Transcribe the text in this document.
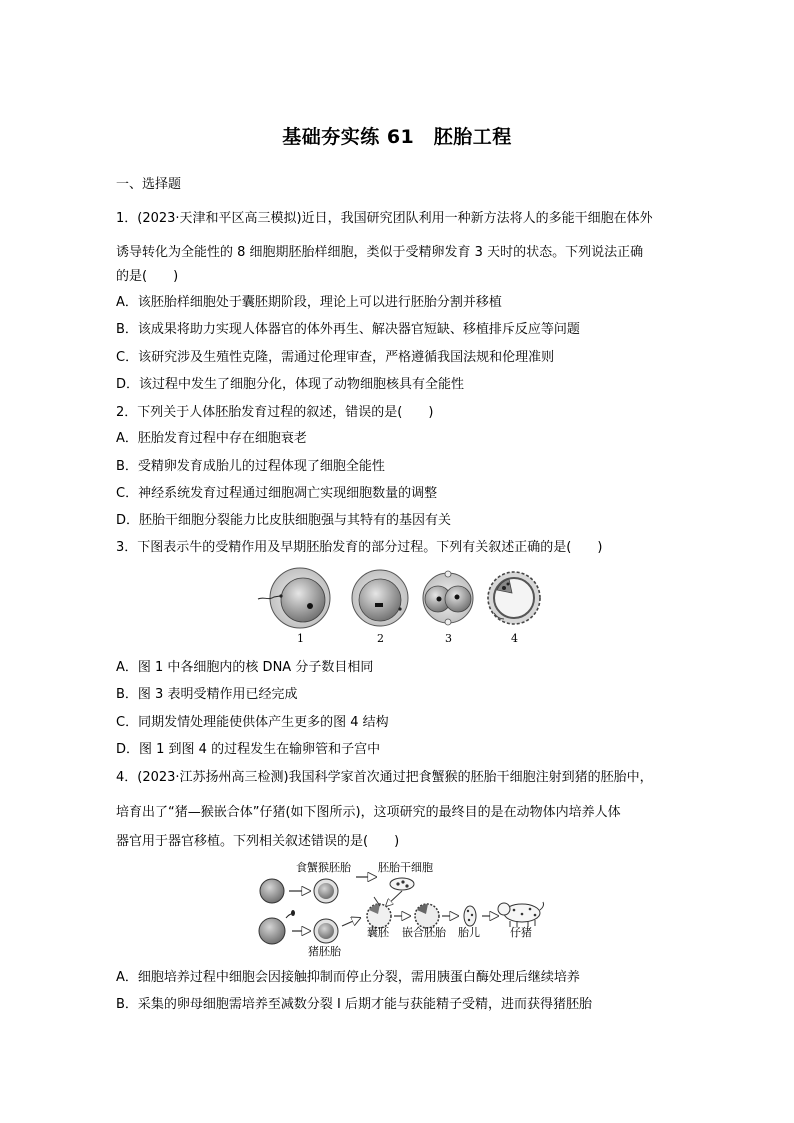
基础夯实练 61　胚胎工程
一、选择题
1．(2023·天津和平区高三模拟)近日，我国研究团队利用一种新方法将人的多能干细胞在体外
诱导转化为全能性的 8 细胞期胚胎样细胞，类似于受精卵发育 3 天时的状态。下列说法正确
的是(　　)
A．该胚胎样细胞处于囊胚期阶段，理论上可以进行胚胎分割并移植
B．该成果将助力实现人体器官的体外再生、解决器官短缺、移植排斥反应等问题
C．该研究涉及生殖性克隆，需通过伦理审查，严格遵循我国法规和伦理准则
D．该过程中发生了细胞分化，体现了动物细胞核具有全能性
2．下列关于人体胚胎发育过程的叙述，错误的是(　　)
A．胚胎发育过程中存在细胞衰老
B．受精卵发育成胎儿的过程体现了细胞全能性
C．神经系统发育过程通过细胞凋亡实现细胞数量的调整
D．胚胎干细胞分裂能力比皮肤细胞强与其特有的基因有关
3．下图表示牛的受精作用及早期胚胎发育的部分过程。下列有关叙述正确的是(　　)
1	2	3	4
A．图 1 中各细胞内的核 DNA 分子数目相同
B．图 3 表明受精作用已经完成
C．同期发情处理能使供体产生更多的图 4 结构
D．图 1 到图 4 的过程发生在输卵管和子宫中
4．(2023·江苏扬州高三检测)我国科学家首次通过把食蟹猴的胚胎干细胞注射到猪的胚胎中，
培育出了“猪—猴嵌合体”仔猪(如下图所示)，这项研究的最终目的是在动物体内培养人体
器官用于器官移植。下列相关叙述错误的是(　　)
食蟹猴胚胎 胚胎干细胞
猪胚胎
囊胚 嵌合胚胎 胎儿	仔猪
A．细胞培养过程中细胞会因接触抑制而停止分裂，需用胰蛋白酶处理后继续培养
B．采集的卵母细胞需培养至减数分裂 Ⅰ 后期才能与获能精子受精，进而获得猪胚胎
